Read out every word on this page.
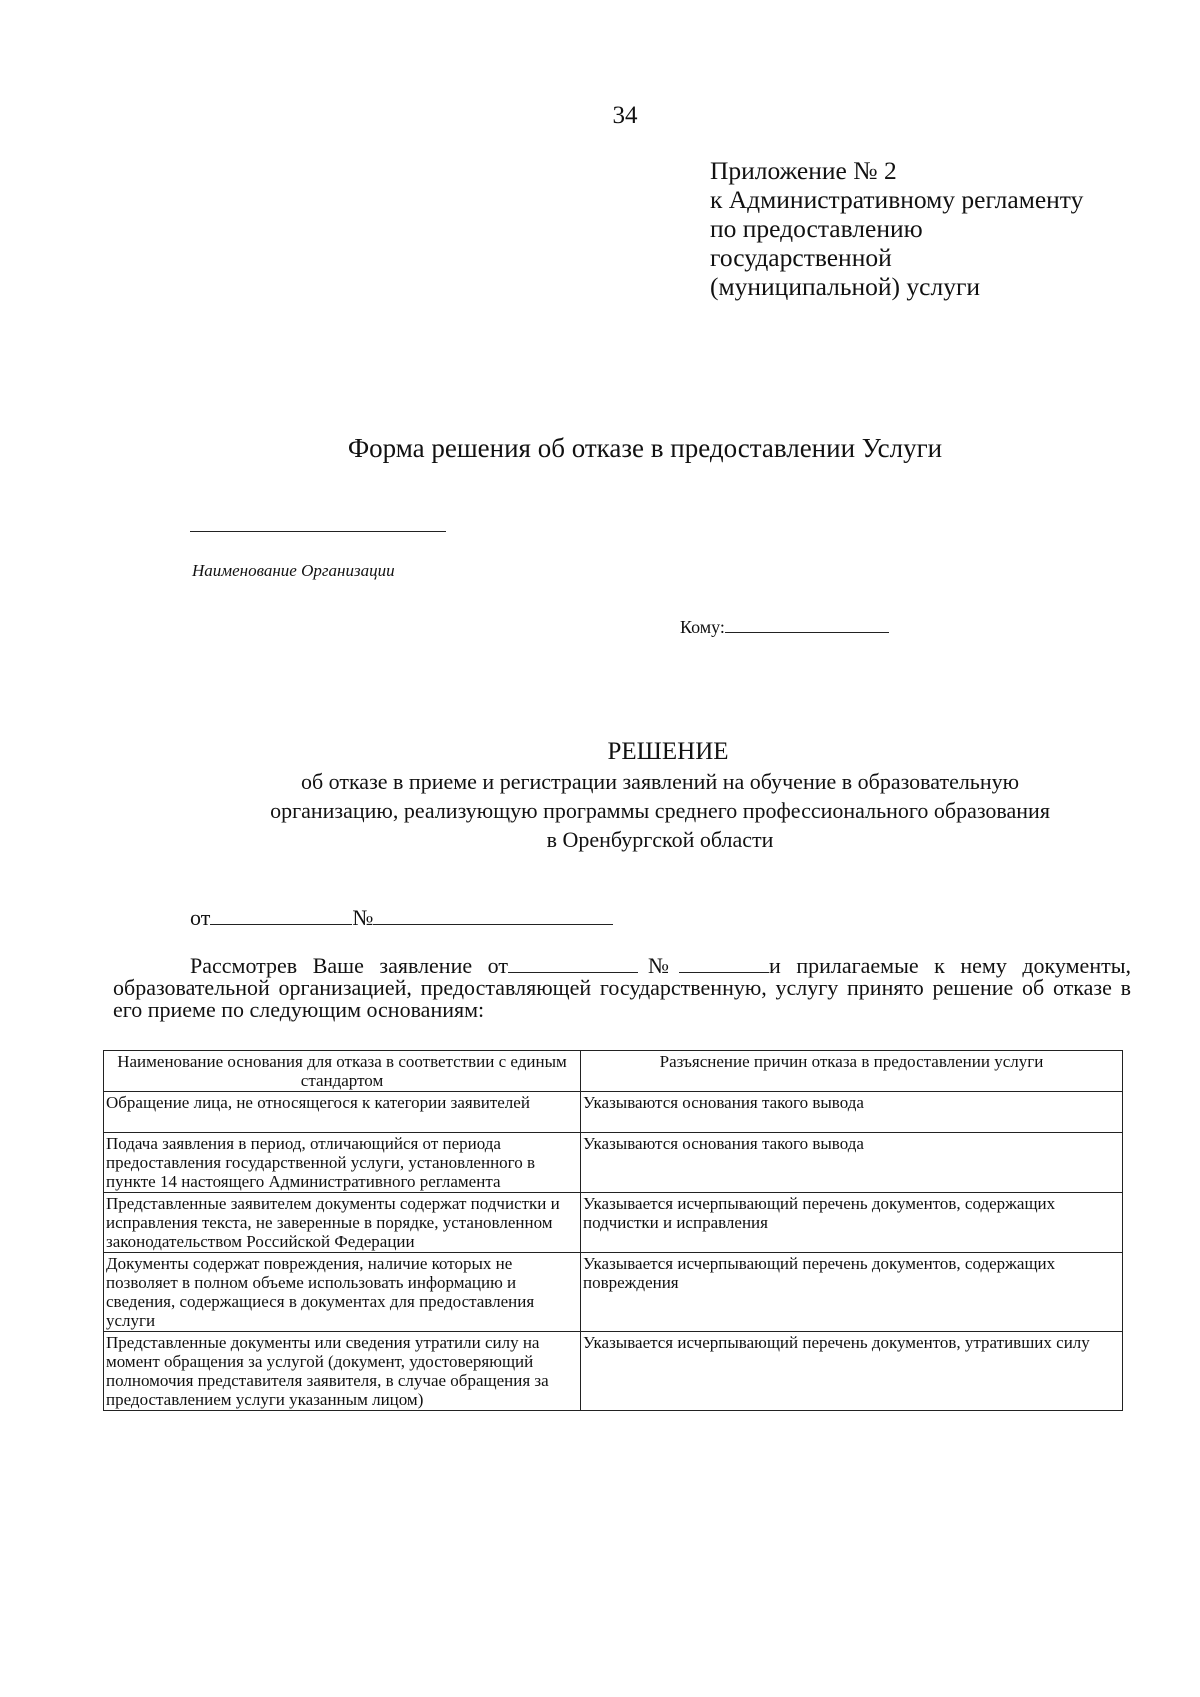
34
Приложение № 2
к Административному регламенту
по предоставлению
государственной
(муниципальной) услуги
Форма решения об отказе в предоставлении Услуги
Наименование Организации
Кому:
РЕШЕНИЕ
об отказе в приеме и регистрации заявлений на обучение в образовательную
организацию, реализующую программы среднего профессионального образования
в Оренбургской области
от	№

Рассмотрев Ваше заявление от	№	и прилагаемые к нему документы, образовательной организацией, предоставляющей государственную, услугу принято решение об отказе в его приеме по следующим основаниям:

Наименование основания для отказа в соответствии с единым стандартом	Разъяснение причин отказа в предоставлении услуги
Обращение лица, не относящегося к категории заявителей	Указываются основания такого вывода
Подача заявления в период, отличающийся от периода предоставления государственной услуги, установленного в пункте 14 настоящего Административного регламента	Указываются основания такого вывода
Представленные заявителем документы содержат подчистки и исправления текста, не заверенные в порядке, установленном законодательством Российской Федерации	Указывается исчерпывающий перечень документов, содержащих подчистки и исправления
Документы содержат повреждения, наличие которых не позволяет в полном объеме использовать информацию и сведения, содержащиеся в документах для предоставления услуги	Указывается исчерпывающий перечень документов, содержащих повреждения
Представленные документы или сведения утратили силу на момент обращения за услугой (документ, удостоверяющий полномочия представителя заявителя, в случае обращения за предоставлением услуги указанным лицом)	Указывается исчерпывающий перечень документов, утративших силу
